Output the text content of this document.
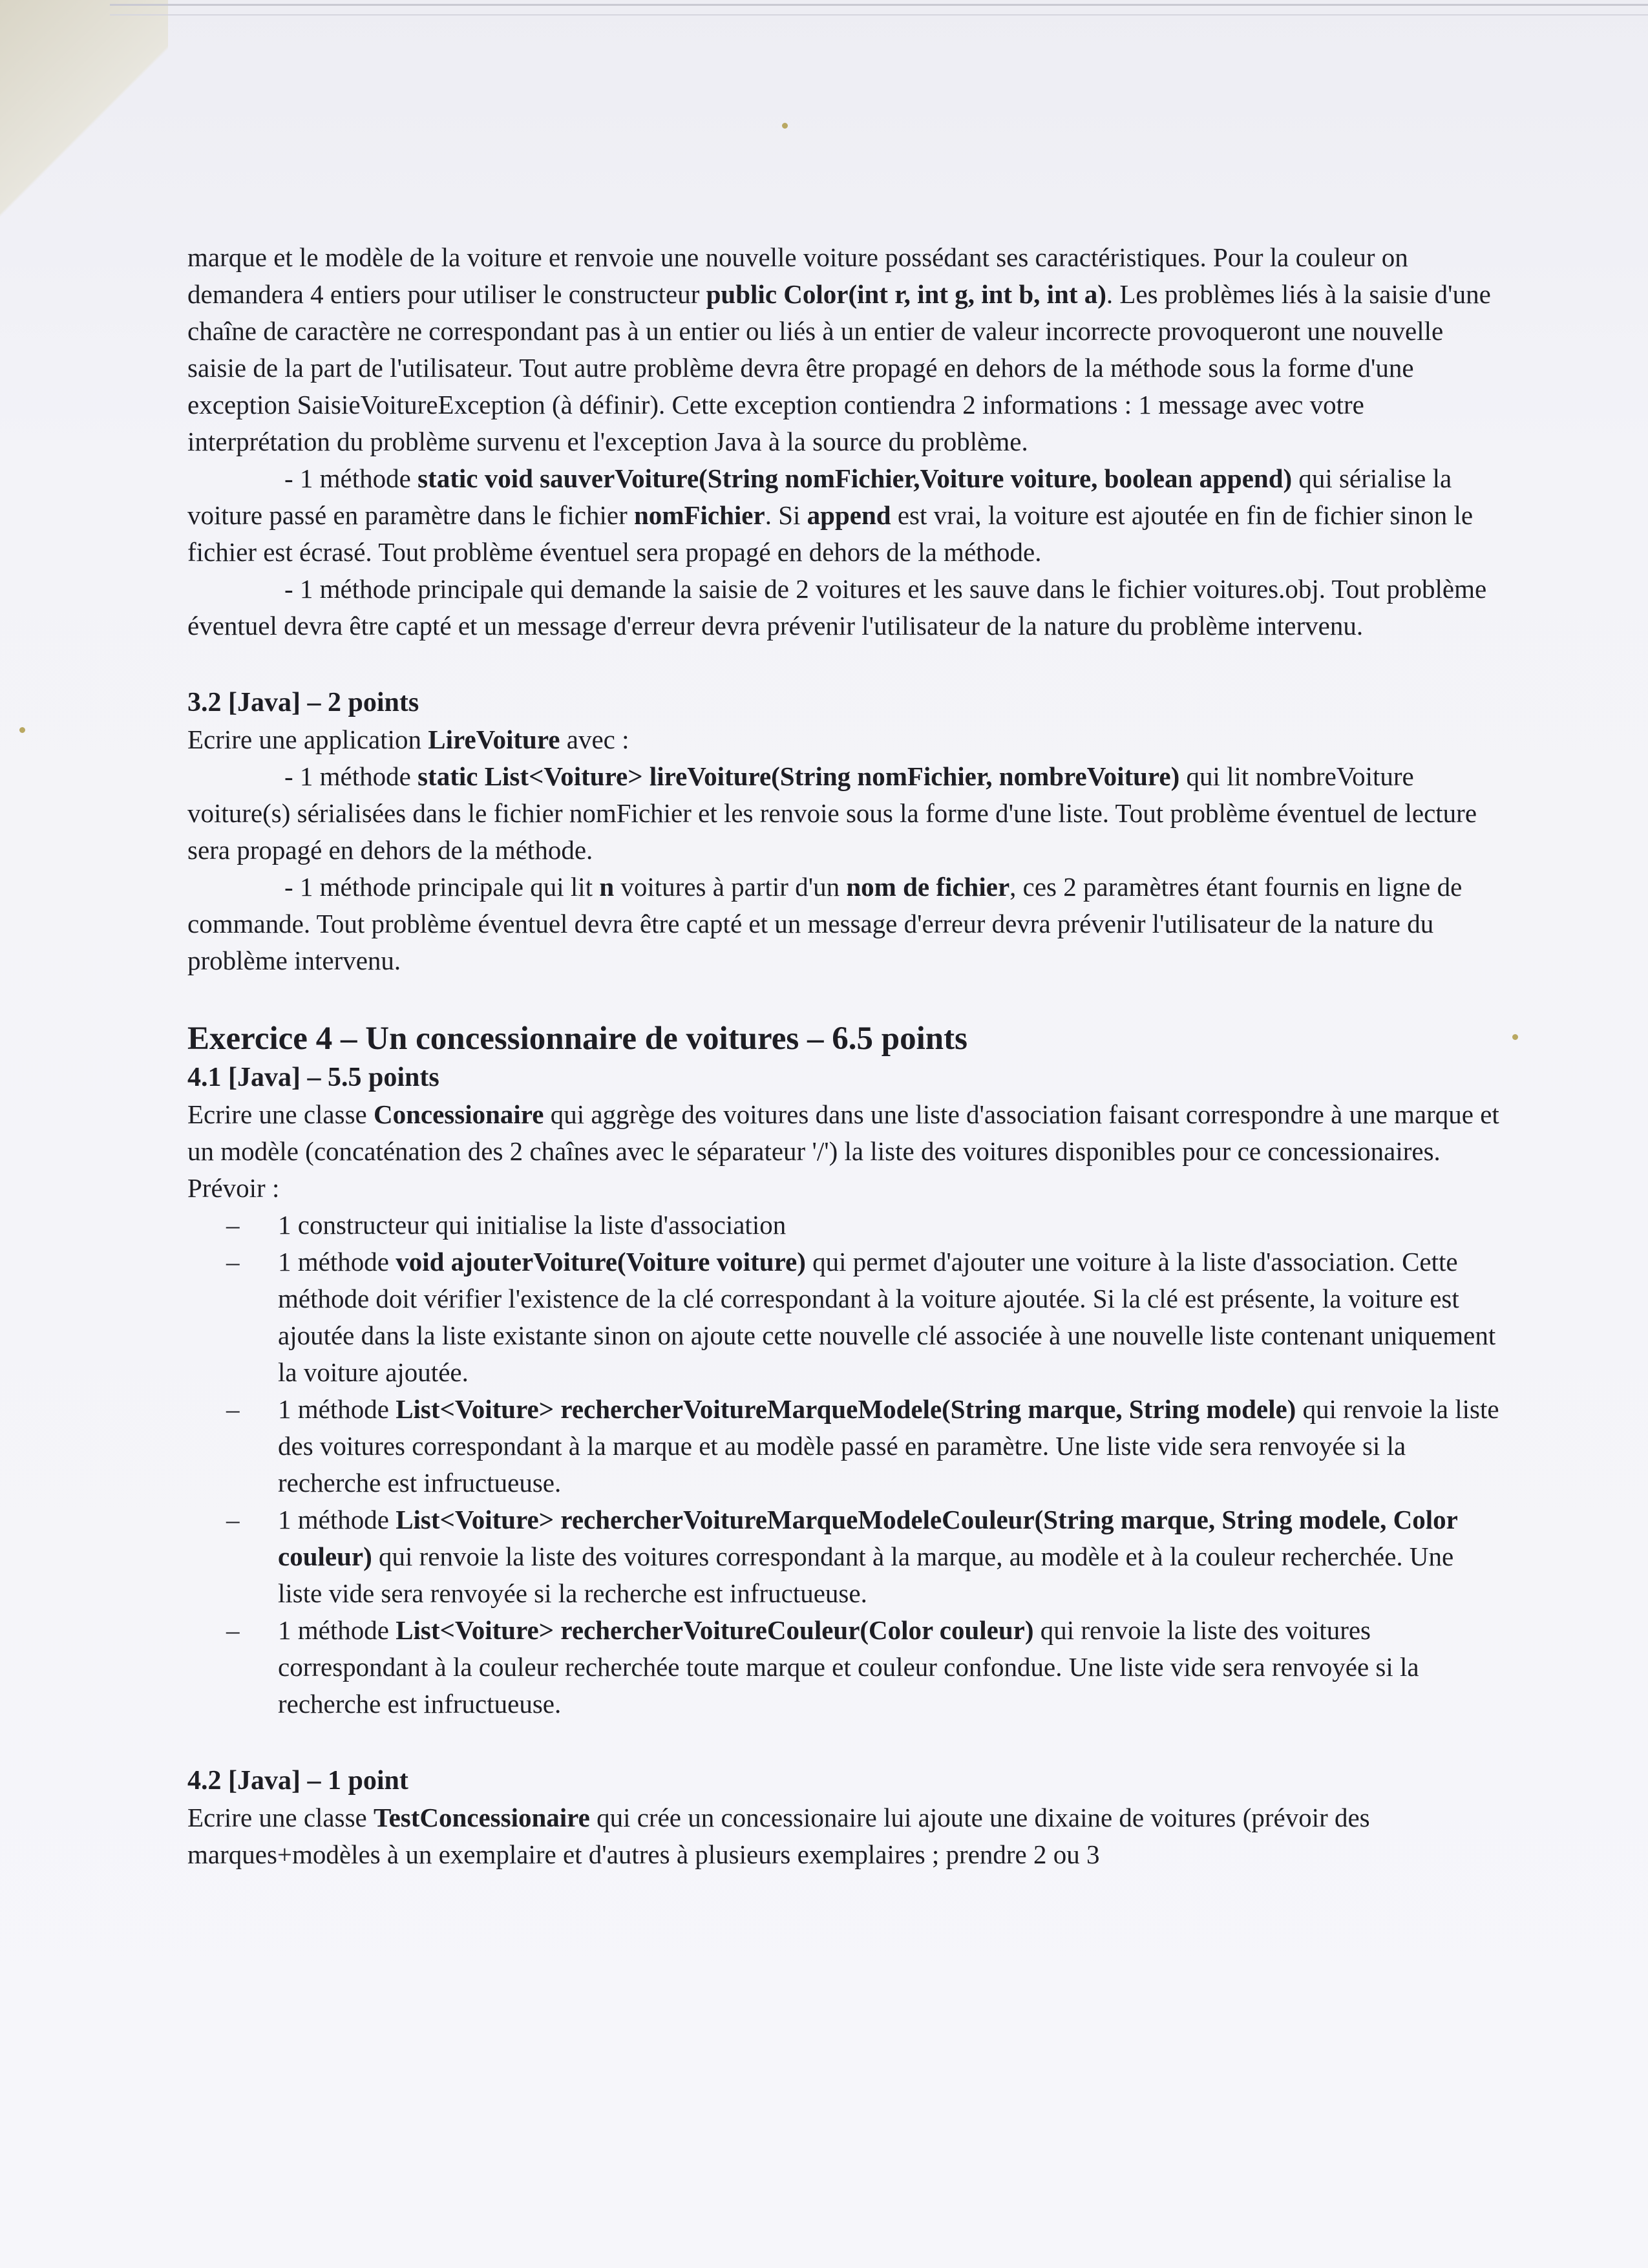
marque et le modèle de la voiture et renvoie une nouvelle voiture possédant ses caractéristiques. Pour la couleur on demandera 4 entiers pour utiliser le constructeur public Color(int r, int g, int b, int a). Les problèmes liés à la saisie d'une chaîne de caractère ne correspondant pas à un entier ou liés à un entier de valeur incorrecte provoqueront une nouvelle saisie de la part de l'utilisateur. Tout autre problème devra être propagé en dehors de la méthode sous la forme d'une exception SaisieVoitureException (à définir). Cette exception contiendra 2 informations : 1 message avec votre interprétation du problème survenu et l'exception Java à la source du problème.

- 1 méthode static void sauverVoiture(String nomFichier,Voiture voiture, boolean append) qui sérialise la voiture passé en paramètre dans le fichier nomFichier. Si append est vrai, la voiture est ajoutée en fin de fichier sinon le fichier est écrasé. Tout problème éventuel sera propagé en dehors de la méthode.

- 1 méthode principale qui demande la saisie de 2 voitures et les sauve dans le fichier voitures.obj. Tout problème éventuel devra être capté et un message d'erreur devra prévenir l'utilisateur de la nature du problème intervenu.

3.2 [Java] – 2 points

Ecrire une application LireVoiture avec :

- 1 méthode static List<Voiture> lireVoiture(String nomFichier, nombreVoiture) qui lit nombreVoiture voiture(s) sérialisées dans le fichier nomFichier et les renvoie sous la forme d'une liste. Tout problème éventuel de lecture sera propagé en dehors de la méthode.

- 1 méthode principale qui lit n voitures à partir d'un nom de fichier, ces 2 paramètres étant fournis en ligne de commande. Tout problème éventuel devra être capté et un message d'erreur devra prévenir l'utilisateur de la nature du problème intervenu.

Exercice 4 – Un concessionnaire de voitures – 6.5 points
4.1 [Java] – 5.5 points

Ecrire une classe Concessionaire qui aggrège des voitures dans une liste d'association faisant correspondre à une marque et un modèle (concaténation des 2 chaînes avec le séparateur '/') la liste des voitures disponibles pour ce concessionaires. Prévoir :

– 1 constructeur qui initialise la liste d'association
– 1 méthode void ajouterVoiture(Voiture voiture) qui permet d'ajouter une voiture à la liste d'association. Cette méthode doit vérifier l'existence de la clé correspondant à la voiture ajoutée. Si la clé est présente, la voiture est ajoutée dans la liste existante sinon on ajoute cette nouvelle clé associée à une nouvelle liste contenant uniquement la voiture ajoutée.
– 1 méthode List<Voiture> rechercherVoitureMarqueModele(String marque, String modele) qui renvoie la liste des voitures correspondant à la marque et au modèle passé en paramètre. Une liste vide sera renvoyée si la recherche est infructueuse.
– 1 méthode List<Voiture> rechercherVoitureMarqueModeleCouleur(String marque, String modele, Color couleur) qui renvoie la liste des voitures correspondant à la marque, au modèle et à la couleur recherchée. Une liste vide sera renvoyée si la recherche est infructueuse.
– 1 méthode List<Voiture> rechercherVoitureCouleur(Color couleur) qui renvoie la liste des voitures correspondant à la couleur recherchée toute marque et couleur confondue. Une liste vide sera renvoyée si la recherche est infructueuse.
4.2 [Java] – 1 point

Ecrire une classe TestConcessionaire qui crée un concessionaire lui ajoute une dixaine de voitures (prévoir des marques+modèles à un exemplaire et d'autres à plusieurs exemplaires ; prendre 2 ou 3
